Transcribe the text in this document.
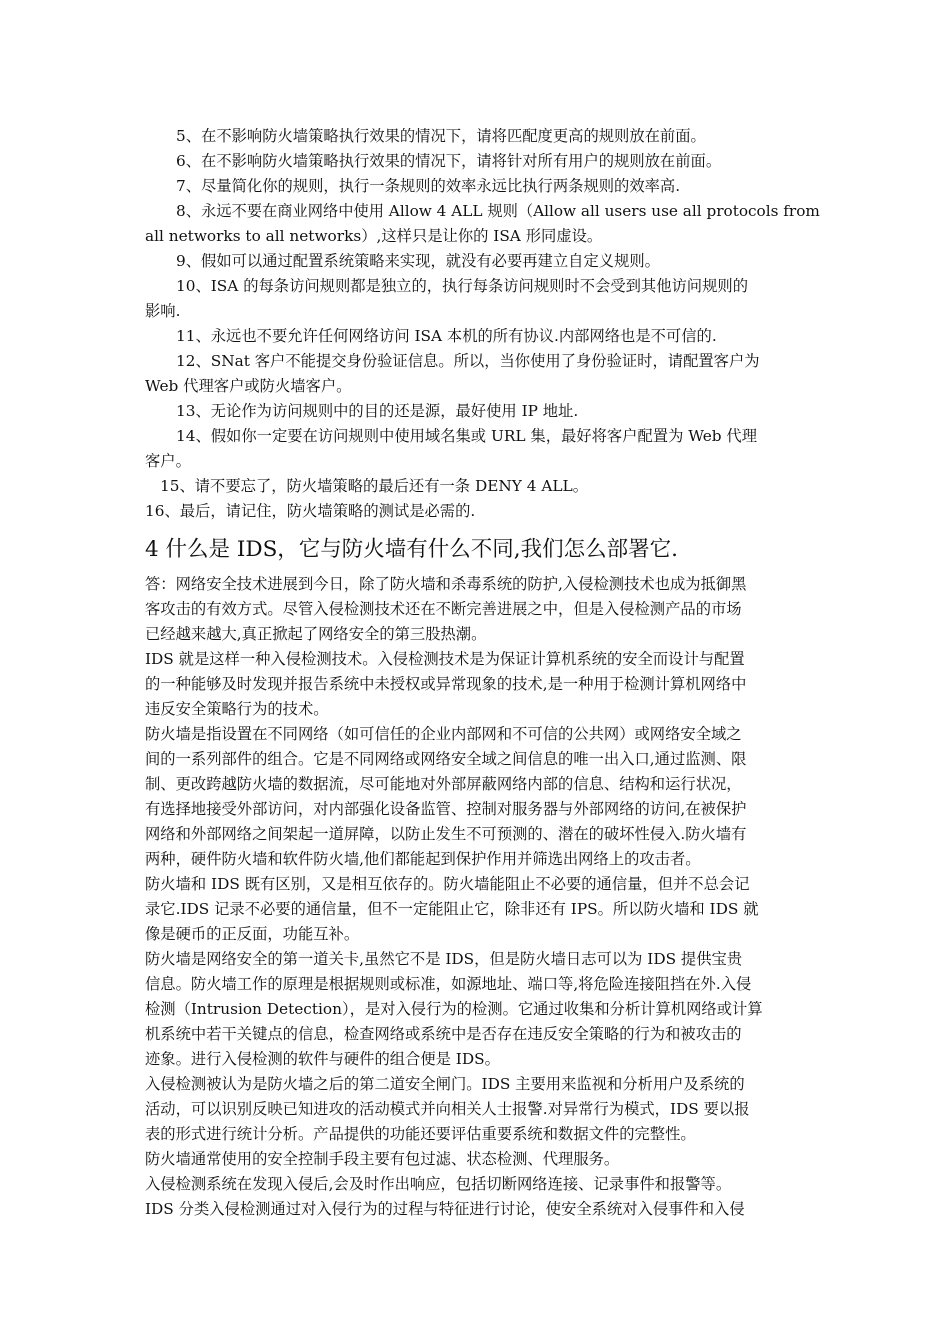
5、在不影响防火墙策略执行效果的情况下，请将匹配度更高的规则放在前面。
6、在不影响防火墙策略执行效果的情况下，请将针对所有用户的规则放在前面。
7、尽量简化你的规则，执行一条规则的效率永远比执行两条规则的效率高.
8、永远不要在商业网络中使用 Allow 4 ALL 规则（Allow all users use all protocols from
all networks to all networks）,这样只是让你的 ISA 形同虚设。
9、假如可以通过配置系统策略来实现，就没有必要再建立自定义规则。
10、ISA 的每条访问规则都是独立的，执行每条访问规则时不会受到其他访问规则的
影响.
11、永远也不要允许任何网络访问 ISA 本机的所有协议.内部网络也是不可信的.
12、SNat 客户不能提交身份验证信息。所以，当你使用了身份验证时，请配置客户为
Web 代理客户或防火墙客户。
13、无论作为访问规则中的目的还是源，最好使用 IP 地址.
14、假如你一定要在访问规则中使用域名集或 URL 集，最好将客户配置为 Web 代理
客户。
15、请不要忘了，防火墙策略的最后还有一条 DENY 4 ALL。
16、最后，请记住，防火墙策略的测试是必需的.
4 什么是 IDS，它与防火墙有什么不同,我们怎么部署它.
答：网络安全技术进展到今日，除了防火墙和杀毒系统的防护,入侵检测技术也成为抵御黑
客攻击的有效方式。尽管入侵检测技术还在不断完善进展之中，但是入侵检测产品的市场
已经越来越大,真正掀起了网络安全的第三股热潮。
IDS 就是这样一种入侵检测技术。入侵检测技术是为保证计算机系统的安全而设计与配置
的一种能够及时发现并报告系统中未授权或异常现象的技术,是一种用于检测计算机网络中
违反安全策略行为的技术。
防火墙是指设置在不同网络（如可信任的企业内部网和不可信的公共网）或网络安全域之
间的一系列部件的组合。它是不同网络或网络安全域之间信息的唯一出入口,通过监测、限
制、更改跨越防火墙的数据流，尽可能地对外部屏蔽网络内部的信息、结构和运行状况，
有选择地接受外部访问，对内部强化设备监管、控制对服务器与外部网络的访问,在被保护
网络和外部网络之间架起一道屏障，以防止发生不可预测的、潜在的破坏性侵入.防火墙有
两种，硬件防火墙和软件防火墙,他们都能起到保护作用并筛选出网络上的攻击者。
防火墙和 IDS 既有区别，又是相互依存的。防火墙能阻止不必要的通信量，但并不总会记
录它.IDS 记录不必要的通信量，但不一定能阻止它，除非还有 IPS。所以防火墙和 IDS 就
像是硬币的正反面，功能互补。
防火墙是网络安全的第一道关卡,虽然它不是 IDS，但是防火墙日志可以为 IDS 提供宝贵
信息。防火墙工作的原理是根据规则或标准，如源地址、端口等,将危险连接阻挡在外.入侵
检测（Intrusion Detection），是对入侵行为的检测。它通过收集和分析计算机网络或计算
机系统中若干关键点的信息，检查网络或系统中是否存在违反安全策略的行为和被攻击的
迹象。进行入侵检测的软件与硬件的组合便是 IDS。
入侵检测被认为是防火墙之后的第二道安全闸门。IDS 主要用来监视和分析用户及系统的
活动，可以识别反映已知进攻的活动模式并向相关人士报警.对异常行为模式，IDS 要以报
表的形式进行统计分析。产品提供的功能还要评估重要系统和数据文件的完整性。
防火墙通常使用的安全控制手段主要有包过滤、状态检测、代理服务。
入侵检测系统在发现入侵后,会及时作出响应，包括切断网络连接、记录事件和报警等。
IDS 分类入侵检测通过对入侵行为的过程与特征进行讨论，使安全系统对入侵事件和入侵
